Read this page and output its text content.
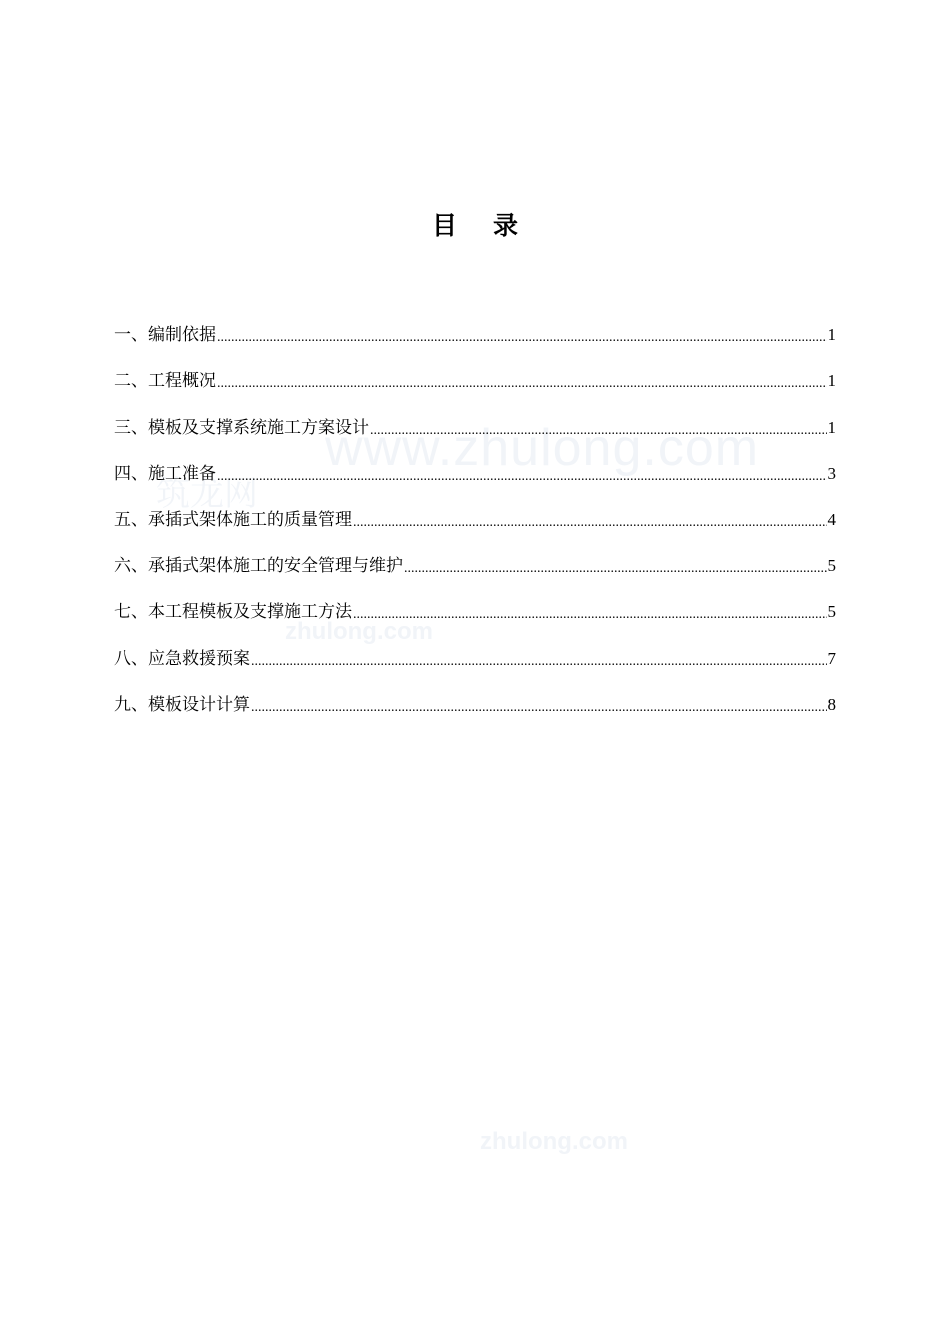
www.zhulong.com
筑龙网
zhulong.com
zhulong.com
目录
一、编制依据 .....	1
二、工程概况 .....	1
三、模板及支撑系统施工方案设计 .....	1
四、施工准备 .....	3
五、承插式架体施工的质量管理 .....	4
六、承插式架体施工的安全管理与维护 .....	5
七、本工程模板及支撑施工方法 .....	5
八、应急救援预案 .....	7
九、模板设计计算 .....	8
